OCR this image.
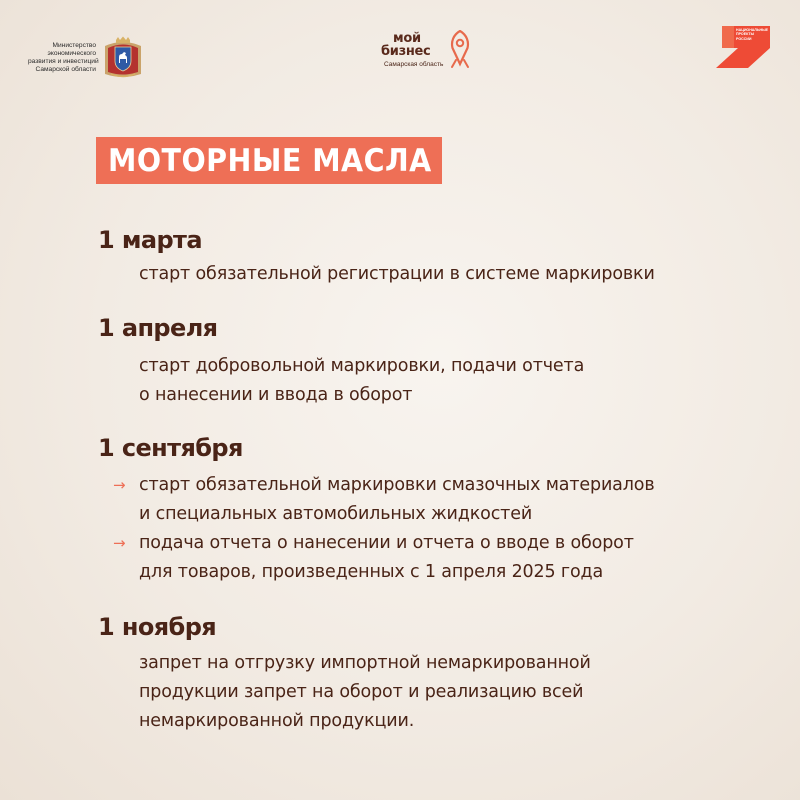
Министерство
экономического
развития и инвестиций
Самарской области
мой
бизнес
Самарская область
НАЦИОНАЛЬНЫЕ
ПРОЕКТЫ
РОССИИ
МОТОРНЫЕ МАСЛА
1 марта
старт обязательной регистрации в системе маркировки
1 апреля
старт добровольной маркировки, подачи отчета
о нанесении и ввода в оборот
1 сентября
→ старт обязательной маркировки смазочных материалов
и специальных автомобильных жидкостей
→ подача отчета о нанесении и отчета о вводе в оборот
для товаров, произведенных с 1 апреля 2025 года
1 ноября
запрет на отгрузку импортной немаркированной
продукции запрет на оборот и реализацию всей
немаркированной продукции.
